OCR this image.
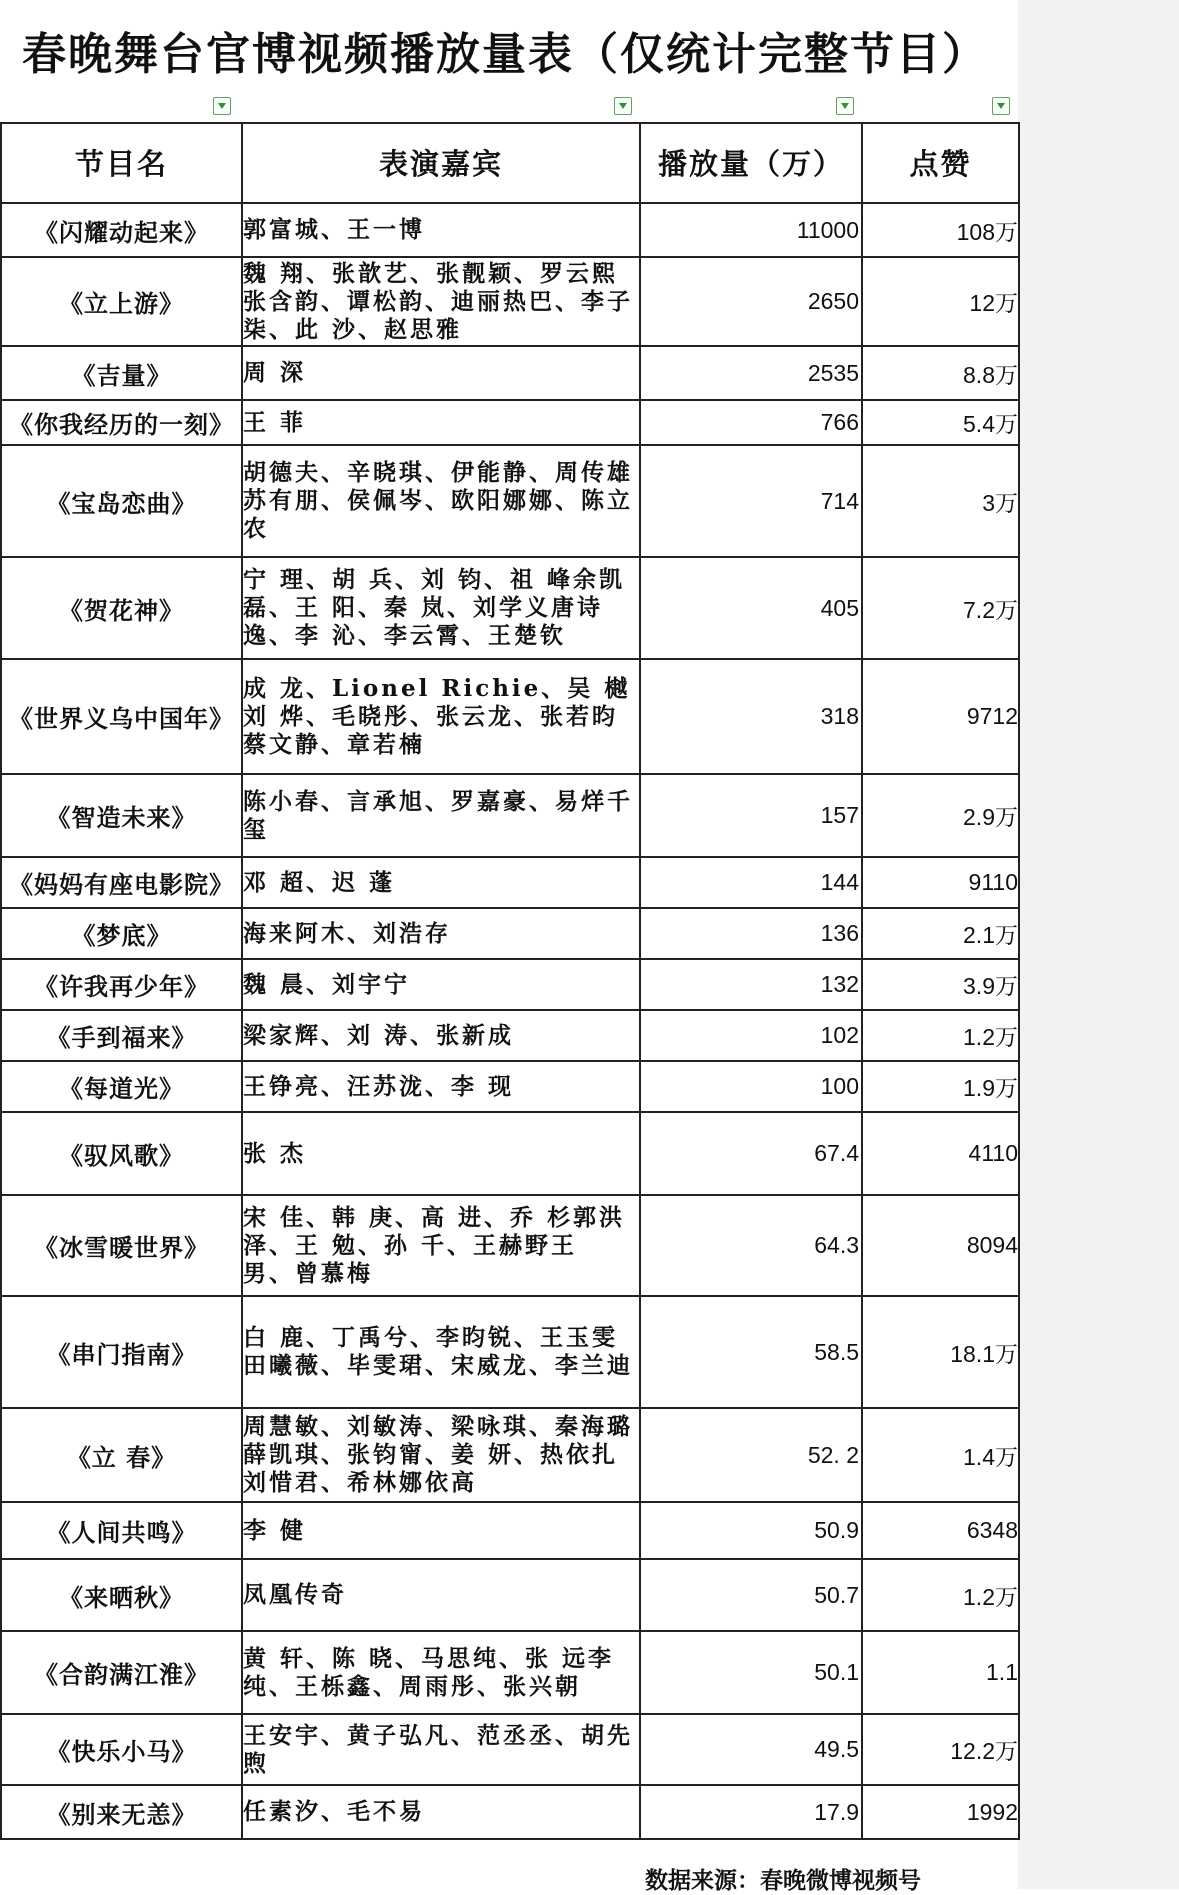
春晚舞台官博视频播放量表（仅统计完整节目）
节目名	表演嘉宾	播放量（万）	点赞
《闪耀动起来》	郭富城、王一博	11000	108万
《立上游》	魏 翔、张歆艺、张靓颖、罗云熙张含韵、谭松韵、迪丽热巴、李子柒、此 沙、赵思雅	2650	12万
《吉量》	周 深	2535	8.8万
《你我经历的一刻》	王 菲	766	5.4万
《宝岛恋曲》	胡德夫、辛晓琪、伊能静、周传雄苏有朋、侯佩岑、欧阳娜娜、陈立农	714	3万
《贺花神》	宁 理、胡 兵、刘 钧、祖 峰余凯磊、王 阳、秦 岚、刘学义唐诗逸、李 沁、李云霄、王楚钦	405	7.2万
《世界义乌中国年》	成 龙、Lionel Richie、吴 樾刘 烨、毛晓彤、张云龙、张若昀蔡文静、章若楠	318	9712
《智造未来》	陈小春、言承旭、罗嘉豪、易烊千玺	157	2.9万
《妈妈有座电影院》	邓 超、迟 蓬	144	9110
《梦底》	海来阿木、刘浩存	136	2.1万
《许我再少年》	魏 晨、刘宇宁	132	3.9万
《手到福来》	梁家辉、刘 涛、张新成	102	1.2万
《每道光》	王铮亮、汪苏泷、李 现	100	1.9万
《驭风歌》	张 杰	67.4	4110
《冰雪暖世界》	宋 佳、韩 庚、高 进、乔 杉郭洪泽、王 勉、孙 千、王赫野王 男、曾慕梅	64.3	8094
《串门指南》	白 鹿、丁禹兮、李昀锐、王玉雯田曦薇、毕雯珺、宋威龙、李兰迪	58.5	18.1万
《立 春》	周慧敏、刘敏涛、梁咏琪、秦海璐薛凯琪、张钧甯、姜 妍、热依扎刘惜君、希林娜依高	52. 2	1.4万
《人间共鸣》	李 健	50.9	6348
《来晒秋》	凤凰传奇	50.7	1.2万
《合韵满江淮》	黄 轩、陈 晓、马思纯、张 远李 纯、王栎鑫、周雨彤、张兴朝	50.1	1.1
《快乐小马》	王安宇、黄子弘凡、范丞丞、胡先煦	49.5	12.2万
《别来无恙》	任素汐、毛不易	17.9	1992
数据来源：春晚微博视频号
